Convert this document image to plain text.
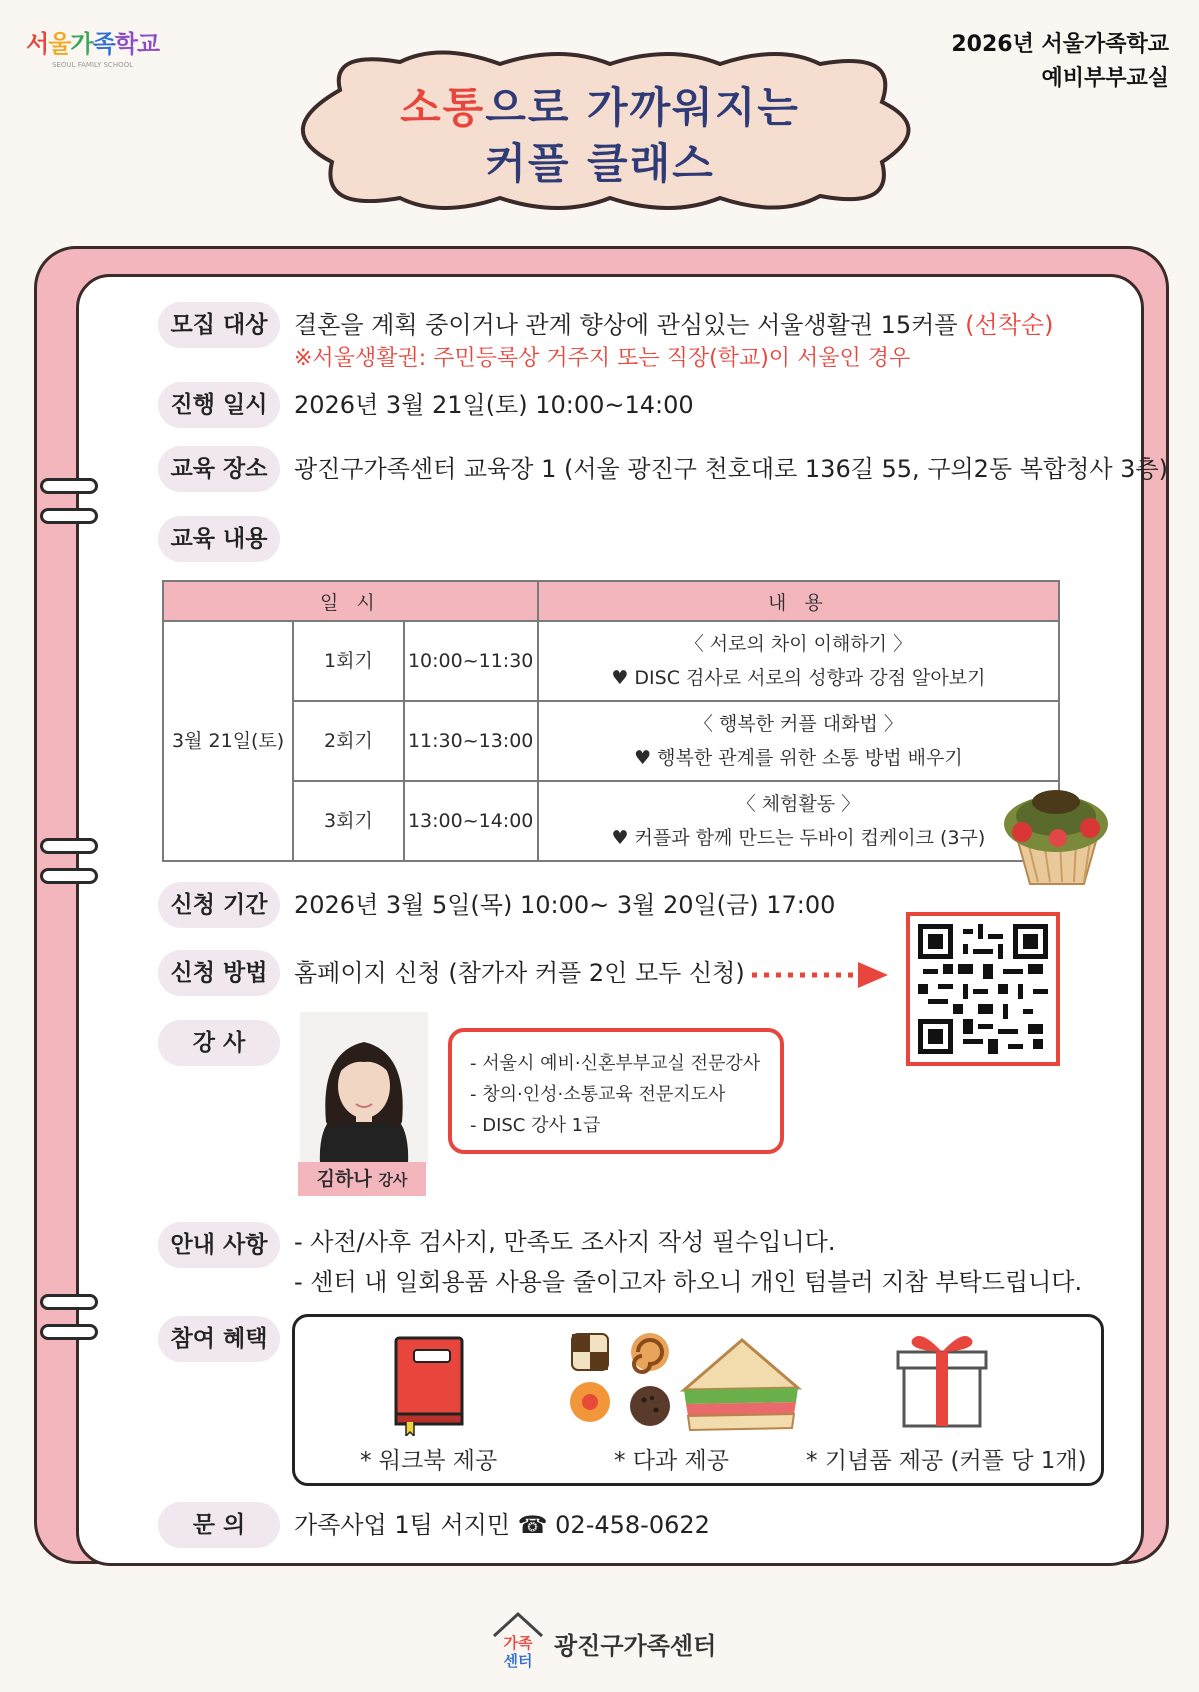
서울가족학교
SEOUL FAMILY SCHOOL
2026년 서울가족학교
예비부부교실
소통으로 가까워지는
커플 클래스
모집 대상	결혼을 계획 중이거나 관계 향상에 관심있는 서울생활권 15커플 (선착순)
※서울생활권: 주민등록상 거주지 또는 직장(학교)이 서울인 경우
진행 일시	2026년 3월 21일(토) 10:00~14:00
교육 장소	광진구가족센터 교육장 1 (서울 광진구 천호대로 136길 55, 구의2동 복합청사 3층)
교육 내용
일 시			내 용
3월 21일(토)	1회기	10:00~11:30	〈 서로의 차이 이해하기 〉
♥ DISC 검사로 서로의 성향과 강점 알아보기

	2회기	11:30~13:00	〈 행복한 커플 대화법 〉
♥ 행복한 관계를 위한 소통 방법 배우기

	3회기	13:00~14:00	〈 체험활동 〉
♥ 커플과 함께 만드는 두바이 컵케이크 (3구)
신청 기간	2026년 3월 5일(목) 10:00~ 3월 20일(금) 17:00
신청 방법	홈페이지 신청 (참가자 커플 2인 모두 신청)
강 사
김하나 강사
- 서울시 예비·신혼부부교실 전문강사
- 창의·인성·소통교육 전문지도사
- DISC 강사 1급
안내 사항	- 사전/사후 검사지, 만족도 조사지 작성 필수입니다.
- 센터 내 일회용품 사용을 줄이고자 하오니 개인 텀블러 지참 부탁드립니다.
참여 혜택
* 워크북 제공	* 다과 제공	* 기념품 제공 (커플 당 1개)
문 의	가족사업 1팀 서지민 ☎ 02-458-0622
가족
센터
광진구가족센터
